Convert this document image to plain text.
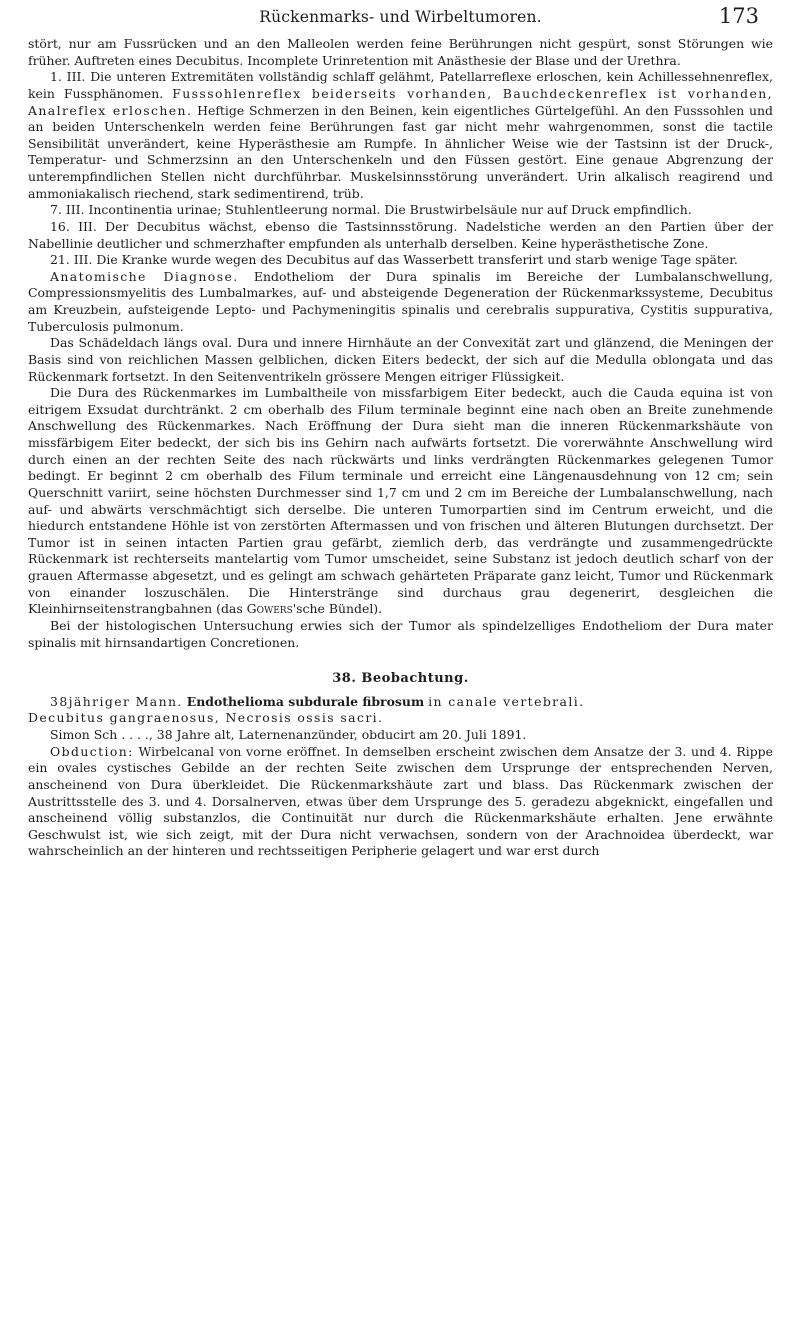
Rückenmarks- und Wirbeltumoren.	173

stört, nur am Fussrücken und an den Malleolen werden feine Berührungen nicht gespürt, sonst Störungen wie früher. Auftreten eines Decubitus. Incomplete Urinretention mit Anästhesie der Blase und der Urethra.

1. III. Die unteren Extremitäten vollständig schlaff gelähmt, Patellarreflexe erloschen, kein Achillessehnenreflex, kein Fussphänomen. Fusssohlenreflex beiderseits vorhanden, Bauchdeckenreflex ist vorhanden, Analreflex erloschen. Heftige Schmerzen in den Beinen, kein eigentliches Gürtelgefühl. An den Fusssohlen und an beiden Unterschenkeln werden feine Berührungen fast gar nicht mehr wahrgenommen, sonst die tactile Sensibilität unverändert, keine Hyperästhesie am Rumpfe. In ähnlicher Weise wie der Tastsinn ist der Druck-, Temperatur- und Schmerzsinn an den Unterschenkeln und den Füssen gestört. Eine genaue Abgrenzung der unterempfindlichen Stellen nicht durchführbar. Muskelsinnsstörung unverändert. Urin alkalisch reagirend und ammoniakalisch riechend, stark sedimentirend, trüb.

7. III. Incontinentia urinae; Stuhlentleerung normal. Die Brustwirbelsäule nur auf Druck empfindlich.

16. III. Der Decubitus wächst, ebenso die Tastsinnsstörung. Nadelstiche werden an den Partien über der Nabellinie deutlicher und schmerzhafter empfunden als unterhalb derselben. Keine hyperästhetische Zone.

21. III. Die Kranke wurde wegen des Decubitus auf das Wasserbett transferirt und starb wenige Tage später.

Anatomische Diagnose. Endotheliom der Dura spinalis im Bereiche der Lumbalanschwellung, Compressionsmyelitis des Lumbalmarkes, auf- und absteigende Degeneration der Rückenmarkssysteme, Decubitus am Kreuzbein, aufsteigende Lepto- und Pachymeningitis spinalis und cerebralis suppurativa, Cystitis suppurativa, Tuberculosis pulmonum.

Das Schädeldach längs oval. Dura und innere Hirnhäute an der Convexität zart und glänzend, die Meningen der Basis sind von reichlichen Massen gelblichen, dicken Eiters bedeckt, der sich auf die Medulla oblongata und das Rückenmark fortsetzt. In den Seitenventrikeln grössere Mengen eitriger Flüssigkeit.

Die Dura des Rückenmarkes im Lumbaltheile von missfarbigem Eiter bedeckt, auch die Cauda equina ist von eitrigem Exsudat durchtränkt. 2 cm oberhalb des Filum terminale beginnt eine nach oben an Breite zunehmende Anschwellung des Rückenmarkes. Nach Eröffnung der Dura sieht man die inneren Rückenmarkshäute von missfärbigem Eiter bedeckt, der sich bis ins Gehirn nach aufwärts fortsetzt. Die vorerwähnte Anschwellung wird durch einen an der rechten Seite des nach rückwärts und links verdrängten Rückenmarkes gelegenen Tumor bedingt. Er beginnt 2 cm oberhalb des Filum terminale und erreicht eine Längenausdehnung von 12 cm; sein Querschnitt variirt, seine höchsten Durchmesser sind 1,7 cm und 2 cm im Bereiche der Lumbalanschwellung, nach auf- und abwärts verschmächtigt sich derselbe. Die unteren Tumorpartien sind im Centrum erweicht, und die hiedurch entstandene Höhle ist von zerstörten Aftermassen und von frischen und älteren Blutungen durchsetzt. Der Tumor ist in seinen intacten Partien grau gefärbt, ziemlich derb, das verdrängte und zusammengedrückte Rückenmark ist rechterseits mantelartig vom Tumor umscheidet, seine Substanz ist jedoch deutlich scharf von der grauen Aftermasse abgesetzt, und es gelingt am schwach gehärteten Präparate ganz leicht, Tumor und Rückenmark von einander loszuschälen. Die Hinterstränge sind durchaus grau degenerirt, desgleichen die Kleinhirnseitenstrangbahnen (das Gowers'sche Bündel).

Bei der histologischen Untersuchung erwies sich der Tumor als spindelzelliges Endotheliom der Dura mater spinalis mit hirnsandartigen Concretionen.

38. Beobachtung.

38jähriger Mann. Endothelioma subdurale fibrosum in canale vertebrali.

Decubitus gangraenosus, Necrosis ossis sacri.

Simon Sch . . . ., 38 Jahre alt, Laternenanzünder, obducirt am 20. Juli 1891.

Obduction: Wirbelcanal von vorne eröffnet. In demselben erscheint zwischen dem Ansatze der 3. und 4. Rippe ein ovales cystisches Gebilde an der rechten Seite zwischen dem Ursprunge der entsprechenden Nerven, anscheinend von Dura überkleidet. Die Rückenmarkshäute zart und blass. Das Rückenmark zwischen der Austrittsstelle des 3. und 4. Dorsalnerven, etwas über dem Ursprunge des 5. geradezu abgeknickt, eingefallen und anscheinend völlig substanzlos, die Continuität nur durch die Rückenmarkshäute erhalten. Jene erwähnte Geschwulst ist, wie sich zeigt, mit der Dura nicht verwachsen, sondern von der Arachnoidea überdeckt, war wahrscheinlich an der hinteren und rechtsseitigen Peripherie gelagert und war erst durch
